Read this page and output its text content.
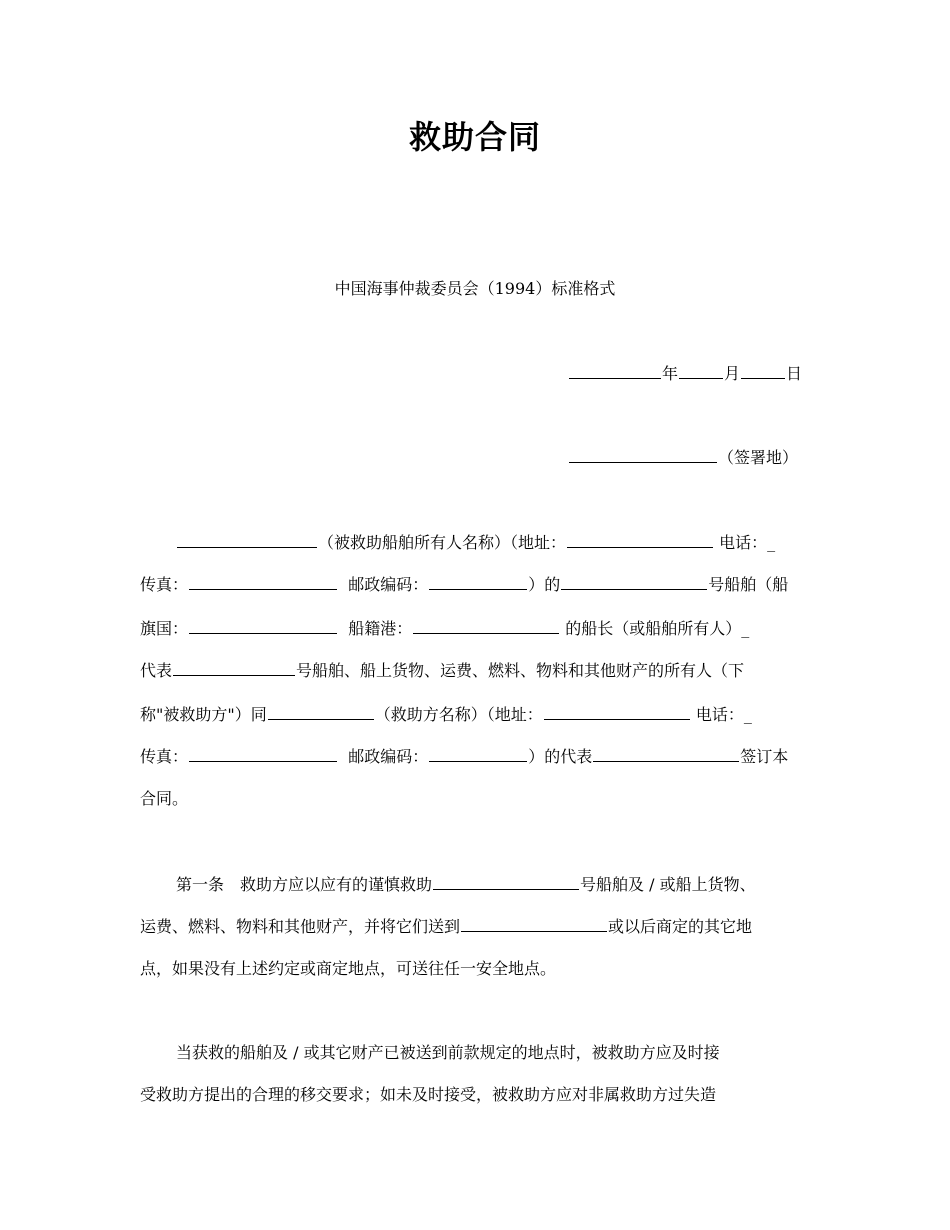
救助合同
中国海事仲裁委员会（1994）标准格式
年	月	日
（签署地）
（被救助船舶所有人名称）（地址：	电话：_
传真：	邮政编码：	）的	号船舶（船
旗国：	船籍港：	的船长（或船舶所有人）_
代表	号船舶、船上货物、运费、燃料、物料和其他财产的所有人（下
称"被救助方"）同	（救助方名称）（地址：	电话：_
传真：	邮政编码：	）的代表	签订本
合同。
第一条　救助方应以应有的谨慎救助	号船舶及 / 或船上货物、
运费、燃料、物料和其他财产，并将它们送到	或以后商定的其它地
点，如果没有上述约定或商定地点，可送往任一安全地点。
当获救的船舶及 / 或其它财产已被送到前款规定的地点时，被救助方应及时接
受救助方提出的合理的移交要求；如未及时接受，被救助方应对非属救助方过失造
